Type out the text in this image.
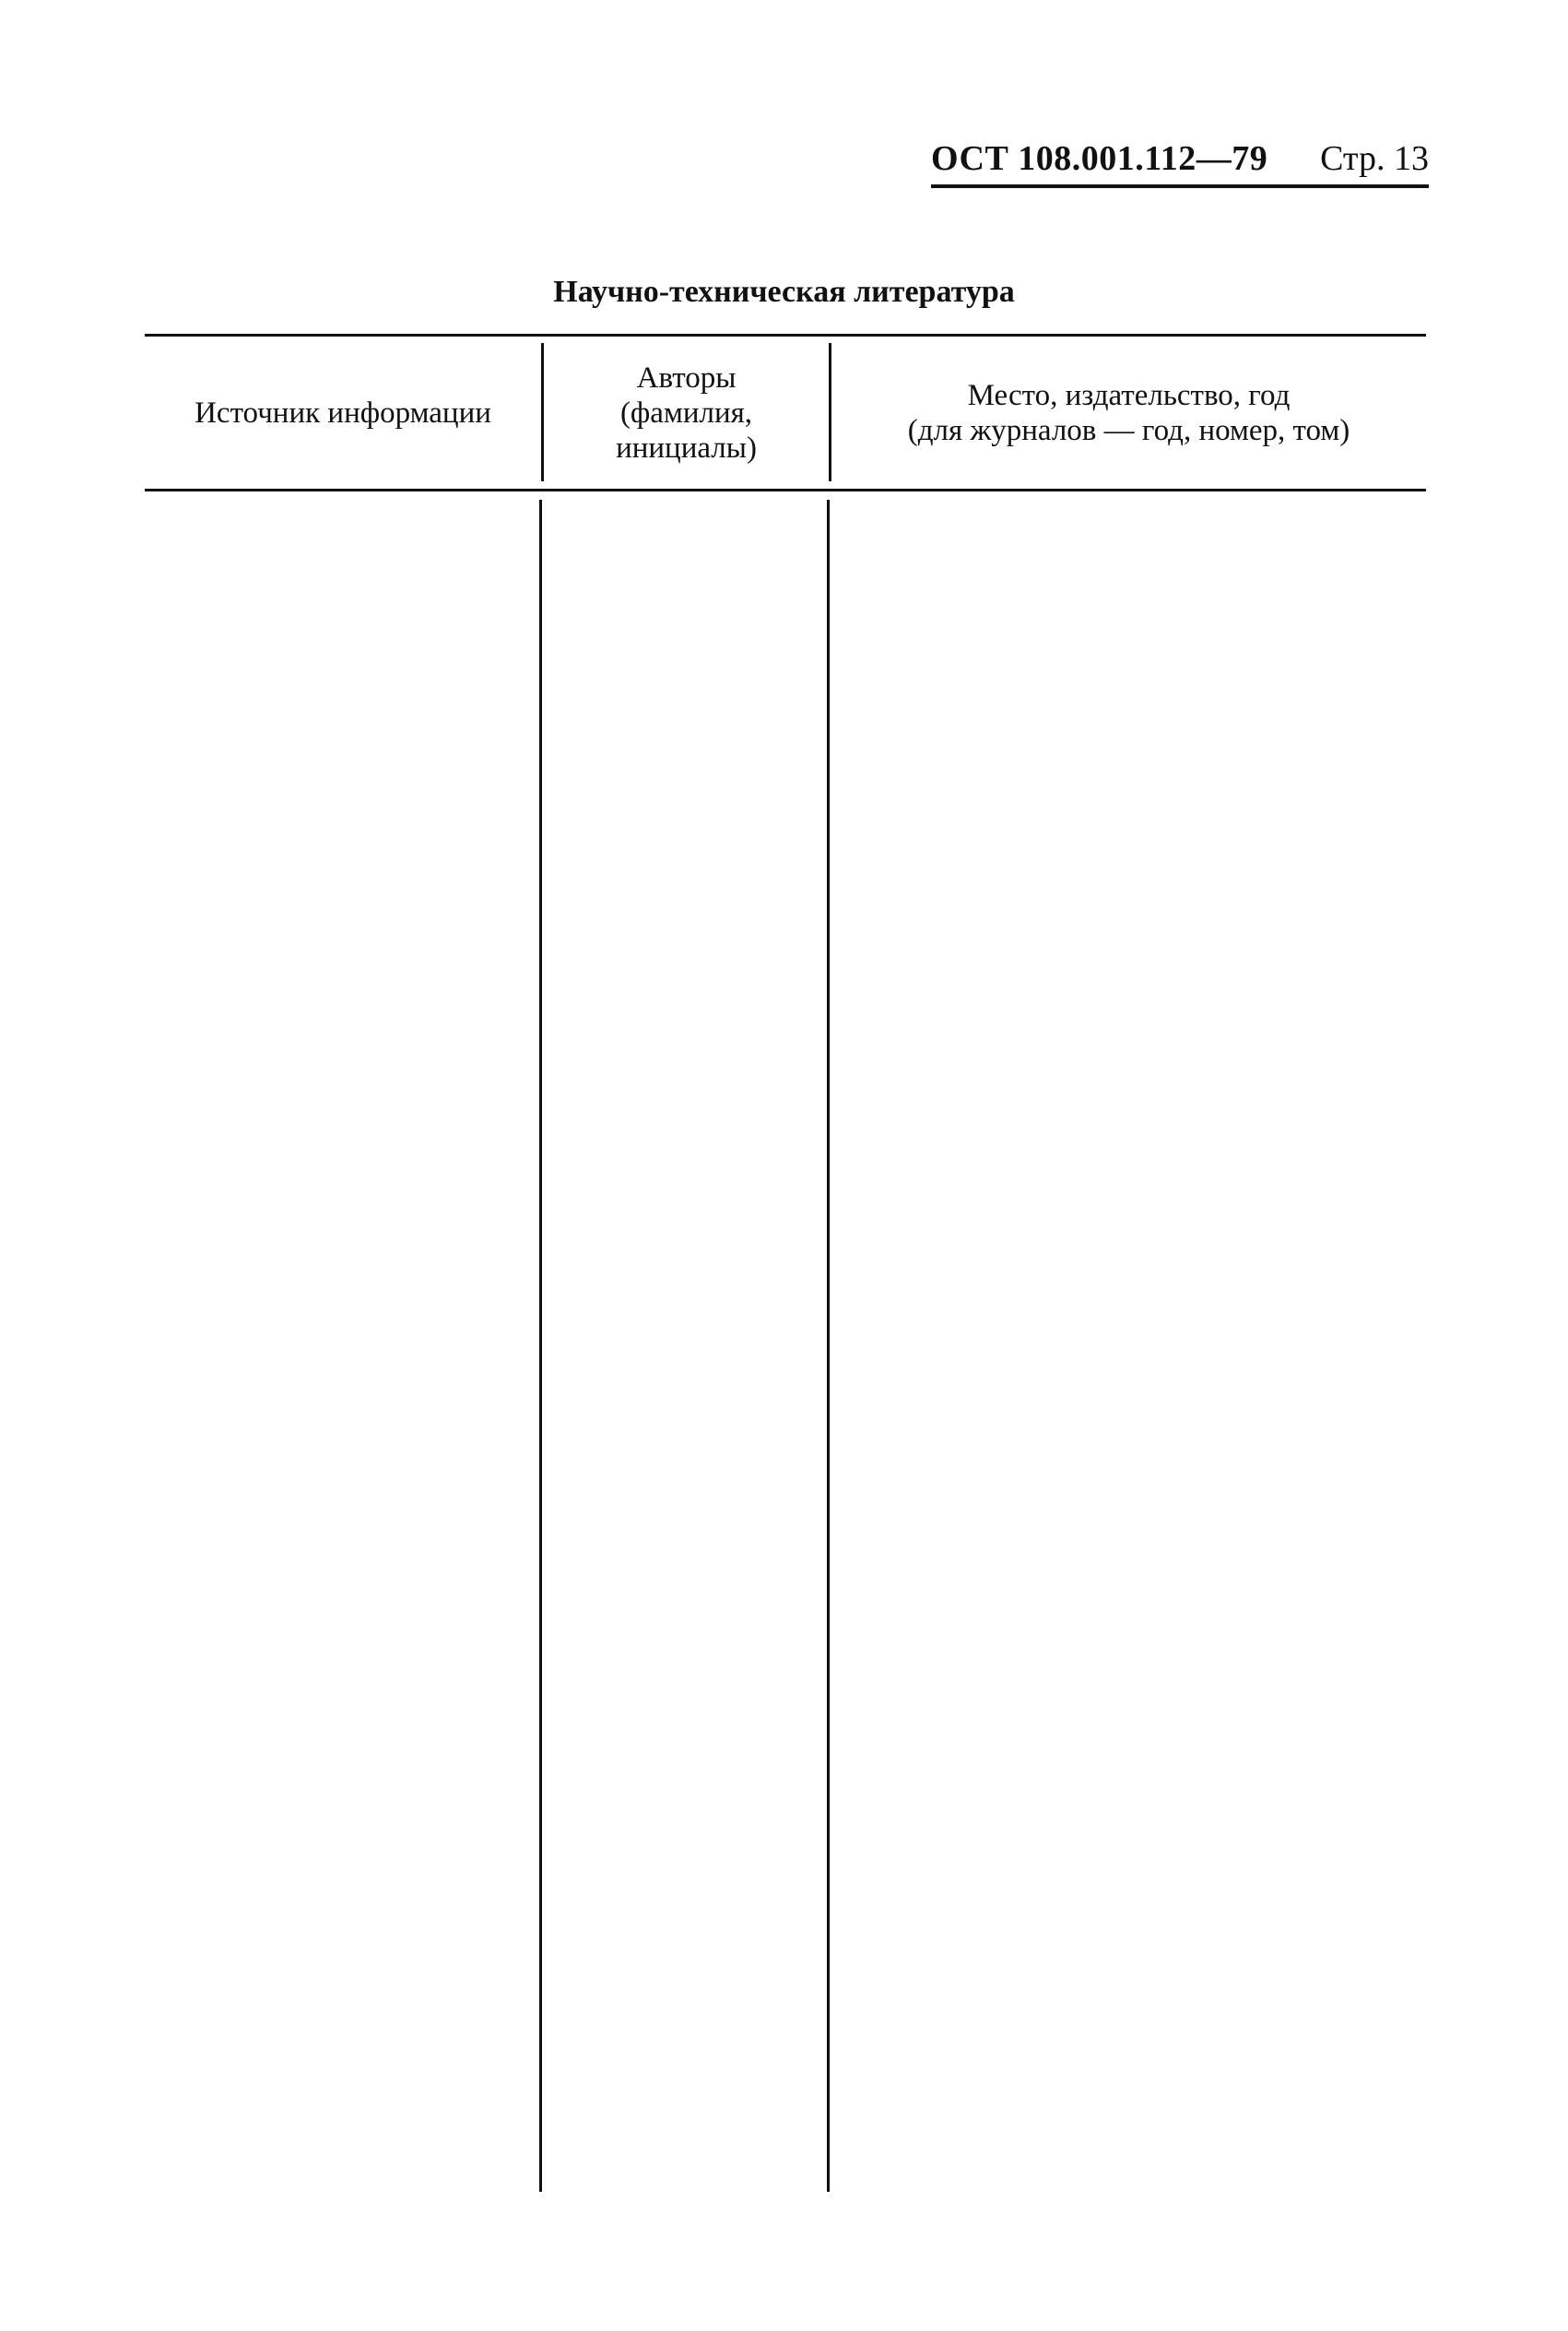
ОСТ 108.001.112—79 Стр. 13
Научно-техническая литература
Источник информации
Авторы
(фамилия,
инициалы)
Место, издательство, год
(для журналов — год, номер, том)
